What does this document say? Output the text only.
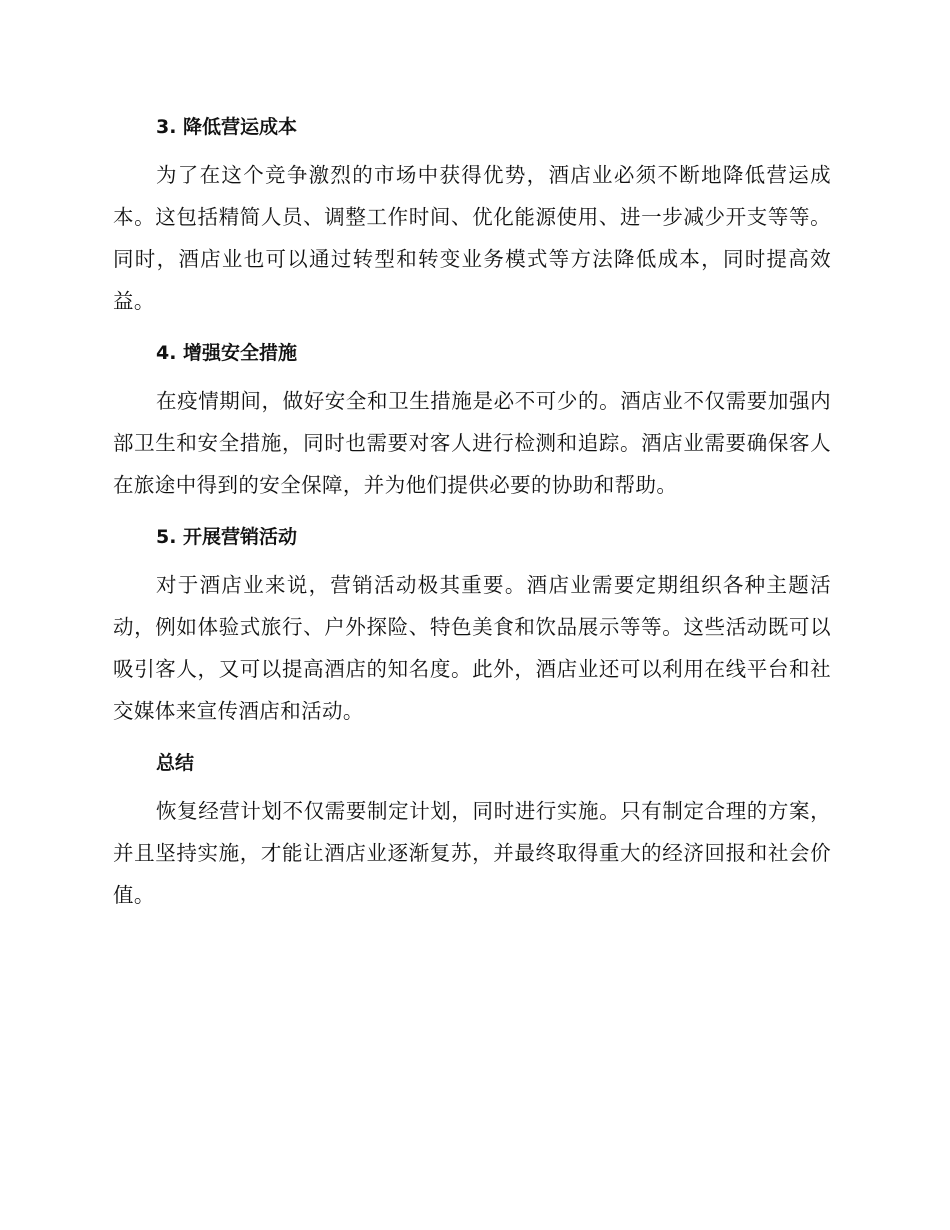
3. 降低营运成本

为了在这个竞争激烈的市场中获得优势，酒店业必须不断地降低营运成本。这包括精简人员、调整工作时间、优化能源使用、进一步减少开支等等。同时，酒店业也可以通过转型和转变业务模式等方法降低成本，同时提高效益。

4. 增强安全措施

在疫情期间，做好安全和卫生措施是必不可少的。酒店业不仅需要加强内部卫生和安全措施，同时也需要对客人进行检测和追踪。酒店业需要确保客人在旅途中得到的安全保障，并为他们提供必要的协助和帮助。

5. 开展营销活动

对于酒店业来说，营销活动极其重要。酒店业需要定期组织各种主题活动，例如体验式旅行、户外探险、特色美食和饮品展示等等。这些活动既可以吸引客人，又可以提高酒店的知名度。此外，酒店业还可以利用在线平台和社交媒体来宣传酒店和活动。

总结

恢复经营计划不仅需要制定计划，同时进行实施。只有制定合理的方案，并且坚持实施，才能让酒店业逐渐复苏，并最终取得重大的经济回报和社会价值。
